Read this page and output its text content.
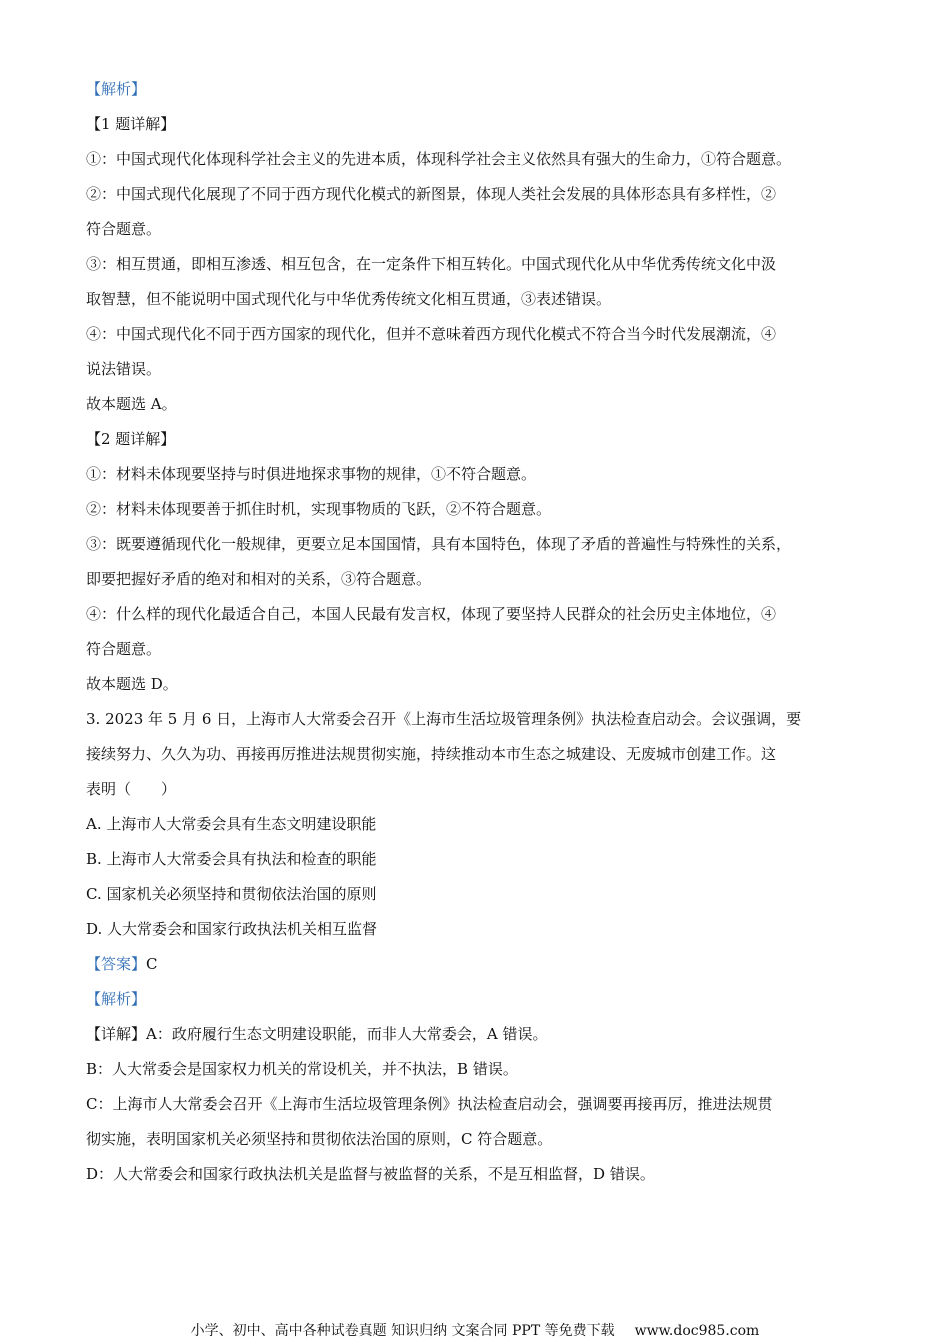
【解析】
【1 题详解】
①：中国式现代化体现科学社会主义的先进本质，体现科学社会主义依然具有强大的生命力，①符合题意。
②：中国式现代化展现了不同于西方现代化模式的新图景，体现人类社会发展的具体形态具有多样性，②
符合题意。
③：相互贯通，即相互渗透、相互包含，在一定条件下相互转化。中国式现代化从中华优秀传统文化中汲
取智慧，但不能说明中国式现代化与中华优秀传统文化相互贯通，③表述错误。
④：中国式现代化不同于西方国家的现代化，但并不意味着西方现代化模式不符合当今时代发展潮流，④
说法错误。
故本题选 A。
【2 题详解】
①：材料未体现要坚持与时俱进地探求事物的规律，①不符合题意。
②：材料未体现要善于抓住时机，实现事物质的飞跃，②不符合题意。
③：既要遵循现代化一般规律，更要立足本国国情，具有本国特色，体现了矛盾的普遍性与特殊性的关系，
即要把握好矛盾的绝对和相对的关系，③符合题意。
④：什么样的现代化最适合自己，本国人民最有发言权，体现了要坚持人民群众的社会历史主体地位，④
符合题意。
故本题选 D。
3. 2023 年 5 月 6 日，上海市人大常委会召开《上海市生活垃圾管理条例》执法检查启动会。会议强调，要
接续努力、久久为功、再接再厉推进法规贯彻实施，持续推动本市生态之城建设、无废城市创建工作。这
表明（　　）
A. 上海市人大常委会具有生态文明建设职能
B. 上海市人大常委会具有执法和检查的职能
C. 国家机关必须坚持和贯彻依法治国的原则
D. 人大常委会和国家行政执法机关相互监督
【答案】C
【解析】
【详解】A：政府履行生态文明建设职能，而非人大常委会，A 错误。
B：人大常委会是国家权力机关的常设机关，并不执法，B 错误。
C：上海市人大常委会召开《上海市生活垃圾管理条例》执法检查启动会，强调要再接再厉，推进法规贯
彻实施，表明国家机关必须坚持和贯彻依法治国的原则，C 符合题意。
D：人大常委会和国家行政执法机关是监督与被监督的关系，不是互相监督，D 错误。
小学、初中、高中各种试卷真题 知识归纳 文案合同 PPT 等免费下载 www.doc985.com
